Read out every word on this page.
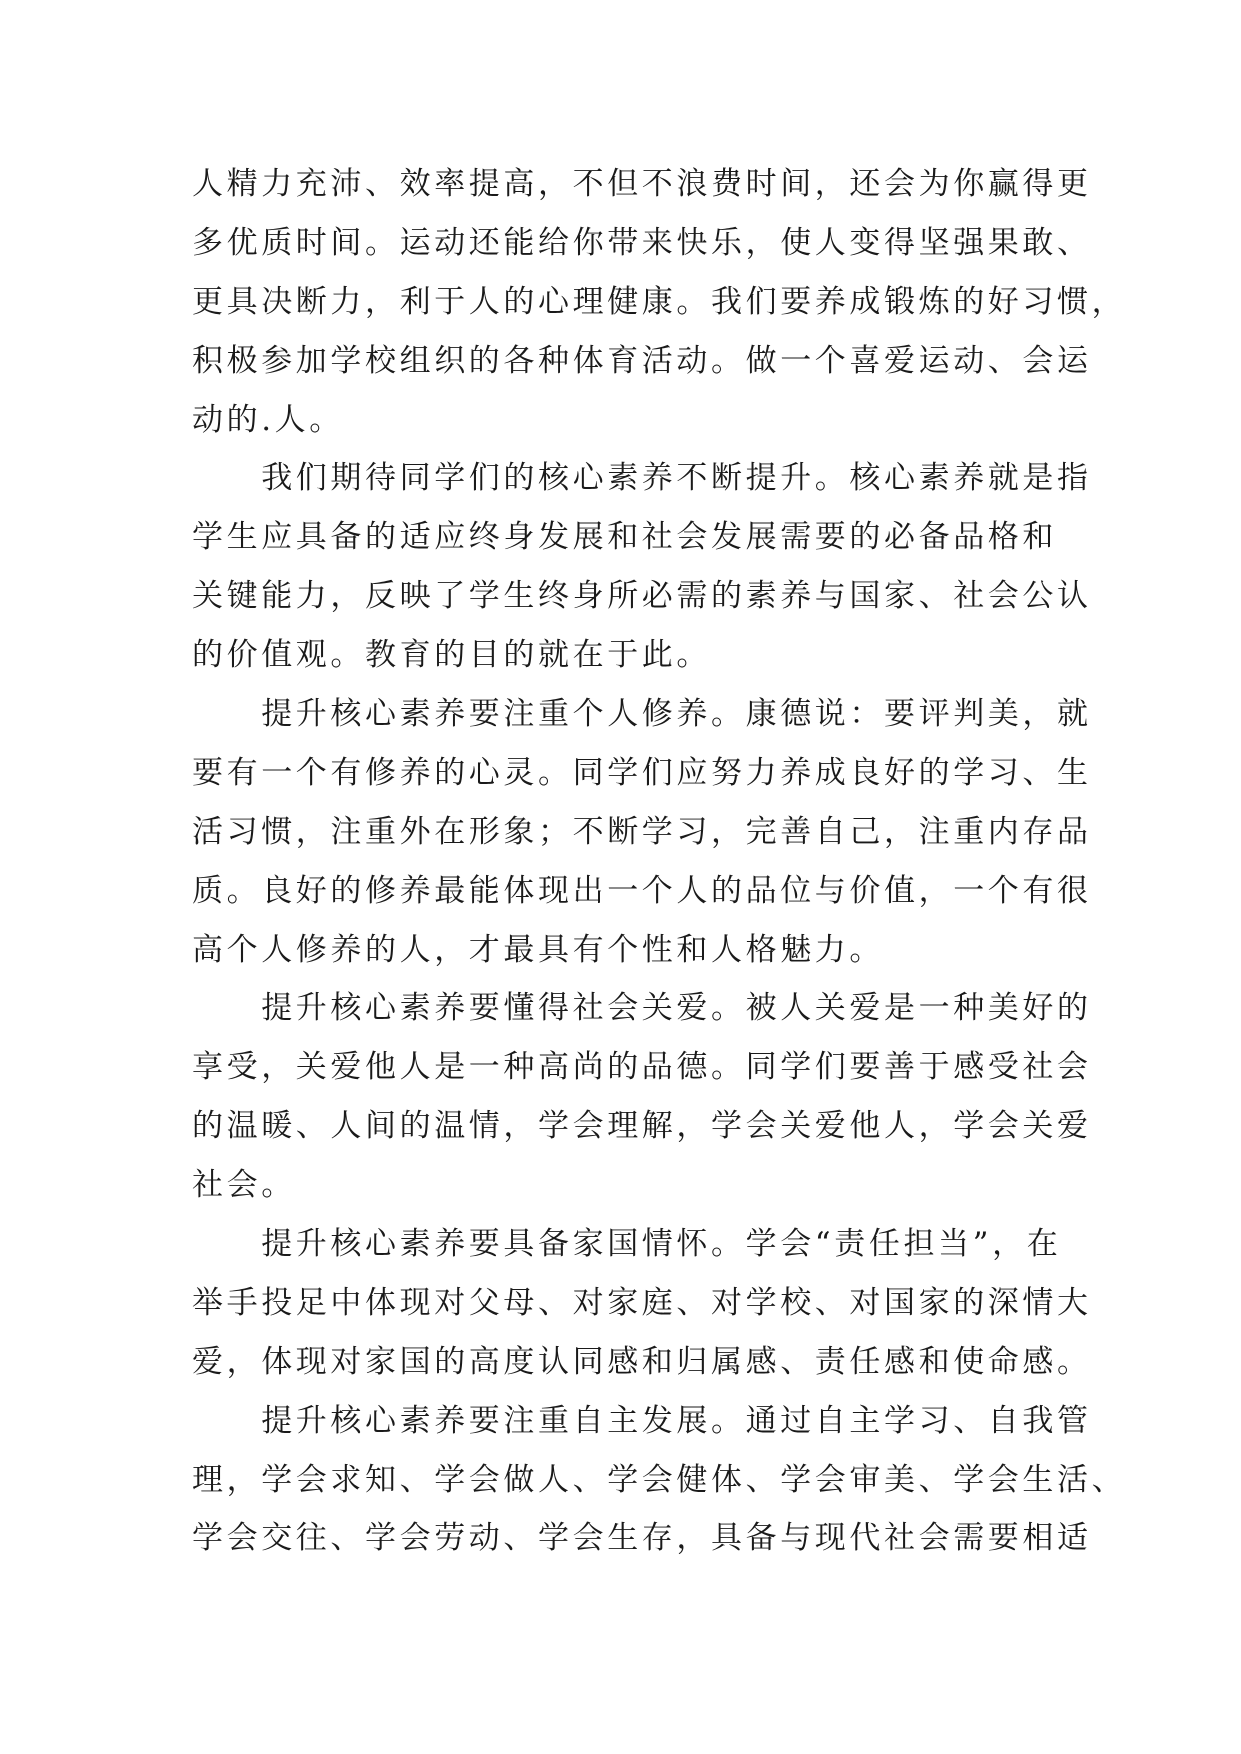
人精力充沛、效率提高，不但不浪费时间，还会为你赢得更
多优质时间。运动还能给你带来快乐，使人变得坚强果敢、
更具决断力，利于人的心理健康。我们要养成锻炼的好习惯，
积极参加学校组织的各种体育活动。做一个喜爱运动、会运
动的.人。
　　我们期待同学们的核心素养不断提升。核心素养就是指
学生应具备的适应终身发展和社会发展需要的必备品格和
关键能力，反映了学生终身所必需的素养与国家、社会公认
的价值观。教育的目的就在于此。
　　提升核心素养要注重个人修养。康德说：要评判美，就
要有一个有修养的心灵。同学们应努力养成良好的学习、生
活习惯，注重外在形象；不断学习，完善自己，注重内存品
质。良好的修养最能体现出一个人的品位与价值，一个有很
高个人修养的人，才最具有个性和人格魅力。
　　提升核心素养要懂得社会关爱。被人关爱是一种美好的
享受，关爱他人是一种高尚的品德。同学们要善于感受社会
的温暖、人间的温情，学会理解，学会关爱他人，学会关爱
社会。
　　提升核心素养要具备家国情怀。学会“责任担当”，在
举手投足中体现对父母、对家庭、对学校、对国家的深情大
爱，体现对家国的高度认同感和归属感、责任感和使命感。
　　提升核心素养要注重自主发展。通过自主学习、自我管
理，学会求知、学会做人、学会健体、学会审美、学会生活、
学会交往、学会劳动、学会生存，具备与现代社会需要相适
